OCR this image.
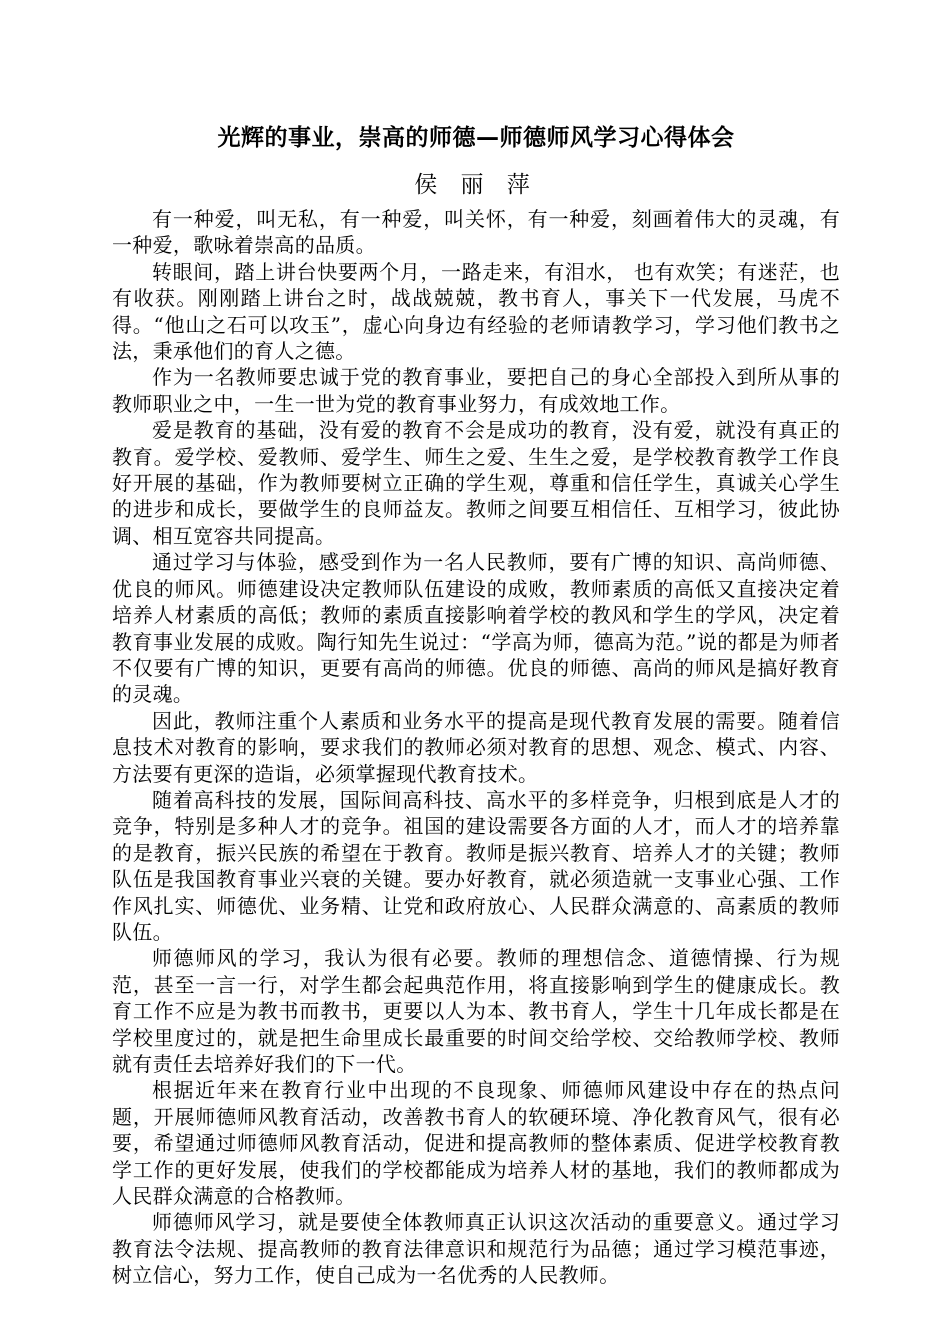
光辉的事业，崇高的师德—师德师风学习心得体会
侯 丽 萍

有一种爱，叫无私，有一种爱，叫关怀，有一种爱，刻画着伟大的灵魂，有一种爱，歌咏着崇高的品质。

转眼间，踏上讲台快要两个月，一路走来，有泪水， 也有欢笑；有迷茫，也有收获。刚刚踏上讲台之时，战战兢兢，教书育人，事关下一代发展，马虎不得。“他山之石可以攻玉”，虚心向身边有经验的老师请教学习，学习他们教书之法，秉承他们的育人之德。

作为一名教师要忠诚于党的教育事业，要把自己的身心全部投入到所从事的教师职业之中，一生一世为党的教育事业努力，有成效地工作。

爱是教育的基础，没有爱的教育不会是成功的教育，没有爱，就没有真正的教育。爱学校、爱教师、爱学生、师生之爱、生生之爱，是学校教育教学工作良好开展的基础，作为教师要树立正确的学生观，尊重和信任学生，真诚关心学生的进步和成长，要做学生的良师益友。教师之间要互相信任、互相学习，彼此协调、相互宽容共同提高。

通过学习与体验，感受到作为一名人民教师，要有广博的知识、高尚师德、优良的师风。师德建设决定教师队伍建设的成败，教师素质的高低又直接决定着培养人材素质的高低；教师的素质直接影响着学校的教风和学生的学风，决定着教育事业发展的成败。陶行知先生说过：“学高为师，德高为范。”说的都是为师者不仅要有广博的知识，更要有高尚的师德。优良的师德、高尚的师风是搞好教育的灵魂。

因此，教师注重个人素质和业务水平的提高是现代教育发展的需要。随着信息技术对教育的影响，要求我们的教师必须对教育的思想、观念、模式、内容、方法要有更深的造诣，必须掌握现代教育技术。

随着高科技的发展，国际间高科技、高水平的多样竞争，归根到底是人才的竞争，特别是多种人才的竞争。祖国的建设需要各方面的人才，而人才的培养靠的是教育，振兴民族的希望在于教育。教师是振兴教育、培养人才的关键；教师队伍是我国教育事业兴衰的关键。要办好教育，就必须造就一支事业心强、工作作风扎实、师德优、业务精、让党和政府放心、人民群众满意的、高素质的教师队伍。

师德师风的学习，我认为很有必要。教师的理想信念、道德情操、行为规范，甚至一言一行，对学生都会起典范作用，将直接影响到学生的健康成长。教育工作不应是为教书而教书，更要以人为本、教书育人，学生十几年成长都是在学校里度过的，就是把生命里成长最重要的时间交给学校、交给教师学校、教师就有责任去培养好我们的下一代。

根据近年来在教育行业中出现的不良现象、师德师风建设中存在的热点问题，开展师德师风教育活动，改善教书育人的软硬环境、净化教育风气，很有必要，希望通过师德师风教育活动，促进和提高教师的整体素质、促进学校教育教学工作的更好发展，使我们的学校都能成为培养人材的基地，我们的教师都成为人民群众满意的合格教师。

师德师风学习，就是要使全体教师真正认识这次活动的重要意义。通过学习教育法令法规、提高教师的教育法律意识和规范行为品德；通过学习模范事迹，树立信心，努力工作，使自己成为一名优秀的人民教师。
